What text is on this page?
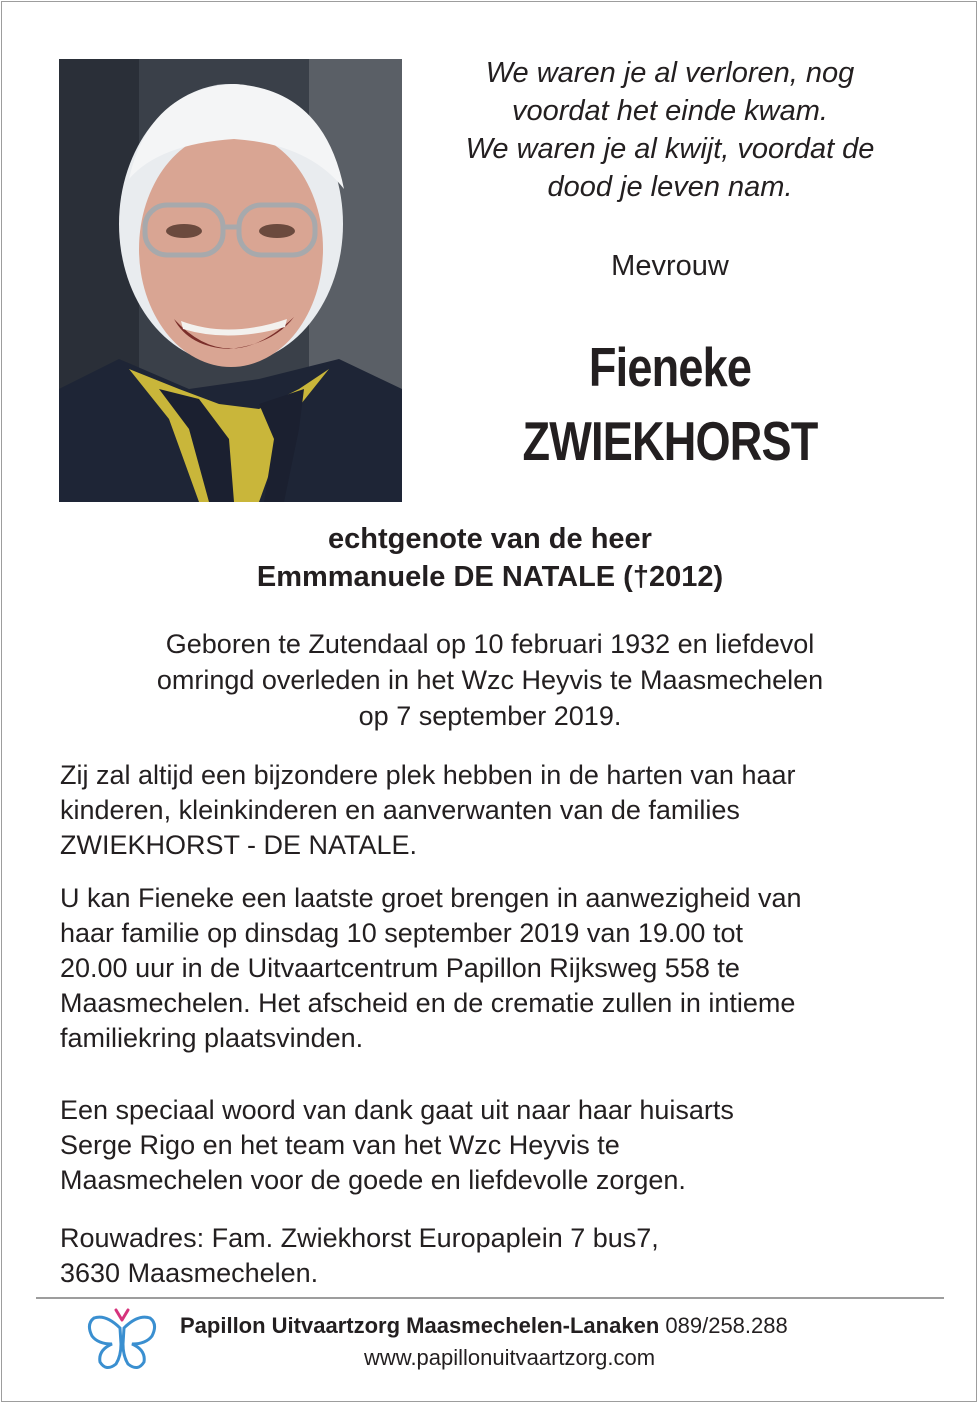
We waren je al verloren, nog
voordat het einde kwam.
We waren je al kwijt, voordat de
dood je leven nam.
Mevrouw
Fieneke
ZWIEKHORST
echtgenote van de heer
Emmmanuele DE NATALE (†2012)
Geboren te Zutendaal op 10 februari 1932 en liefdevol
omringd overleden in het Wzc Heyvis te Maasmechelen
op 7 september 2019.
Zij zal altijd een bijzondere plek hebben in de harten van haar
kinderen, kleinkinderen en aanverwanten van de families
ZWIEKHORST - DE NATALE.
U kan Fieneke een laatste groet brengen in aanwezigheid van
haar familie op dinsdag 10 september 2019 van 19.00 tot
20.00 uur in de Uitvaartcentrum Papillon Rijksweg 558 te
Maasmechelen. Het afscheid en de crematie zullen in intieme
familiekring plaatsvinden.
Een speciaal woord van dank gaat uit naar haar huisarts
Serge Rigo en het team van het Wzc Heyvis te
Maasmechelen voor de goede en liefdevolle zorgen.
Rouwadres: Fam. Zwiekhorst Europaplein 7 bus7,
3630 Maasmechelen.
Papillon Uitvaartzorg Maasmechelen-Lanaken 089/258.288
www.papillonuitvaartzorg.com
